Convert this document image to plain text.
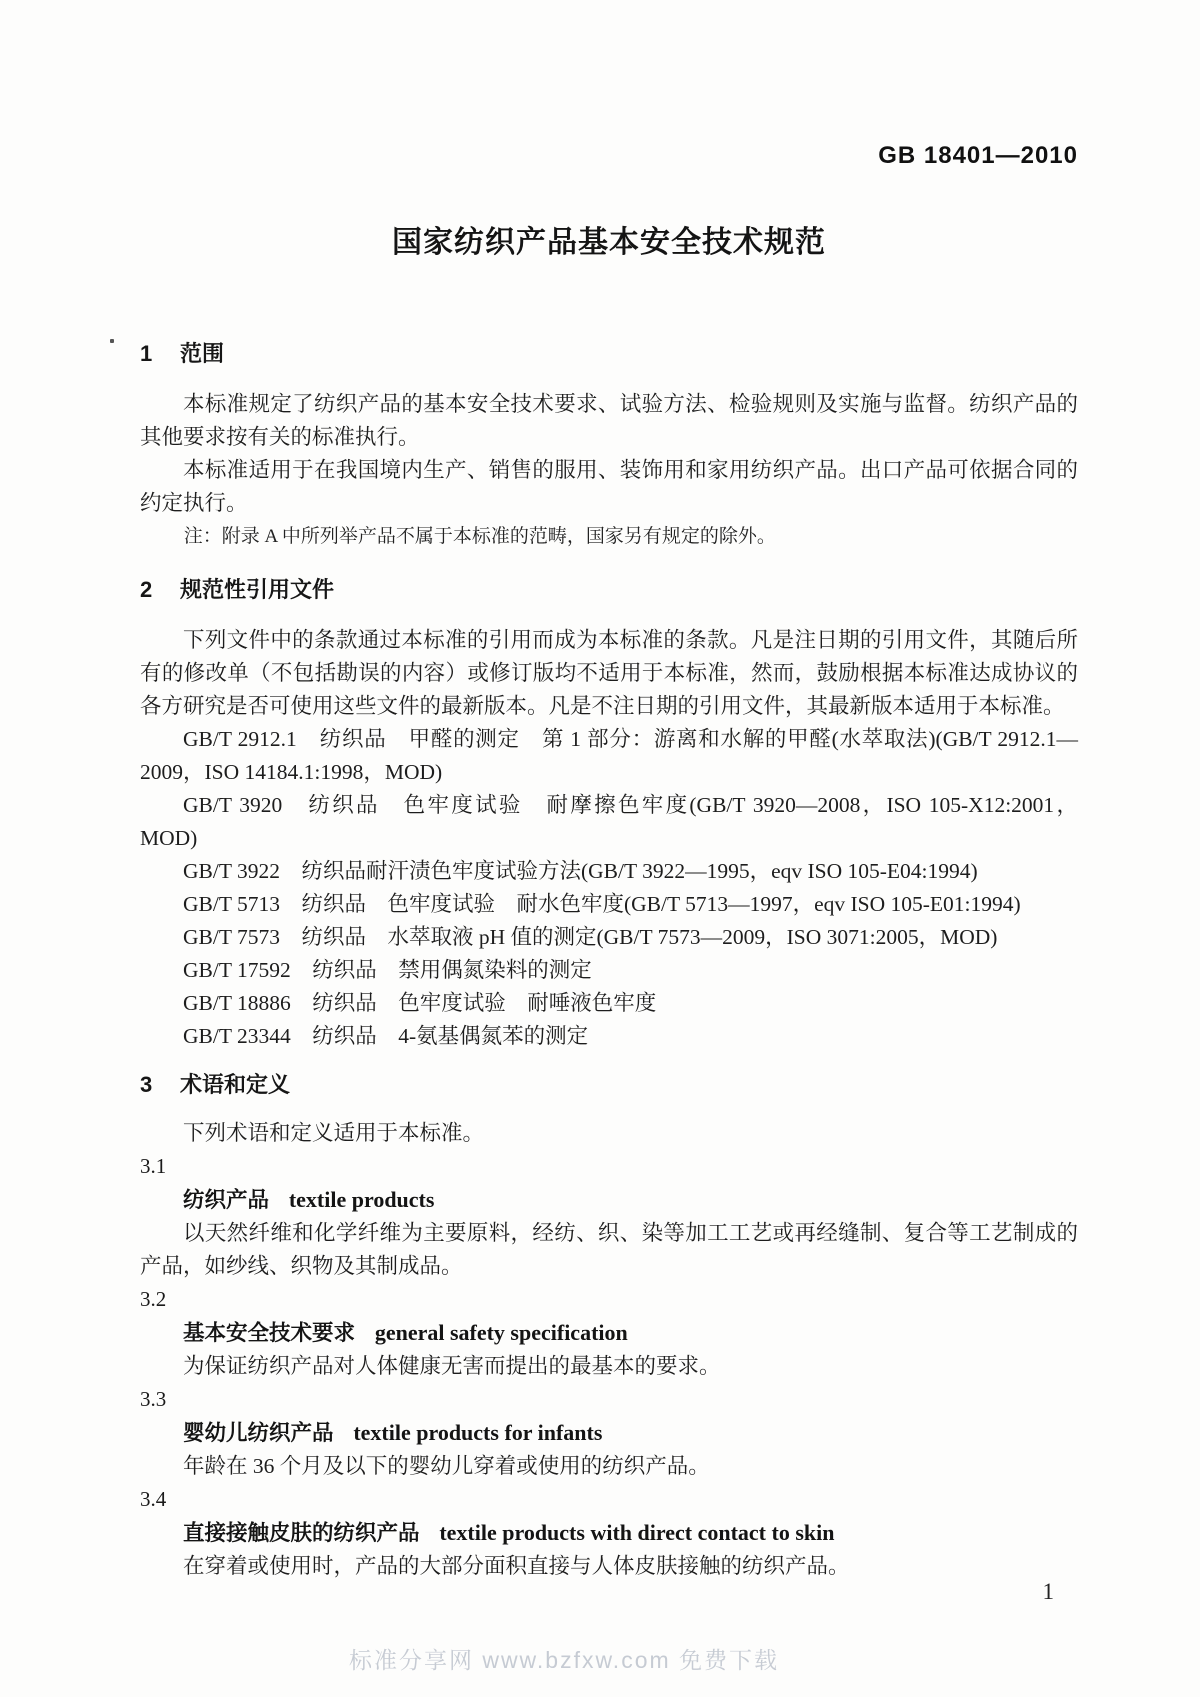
GB 18401—2010
国家纺织产品基本安全技术规范
1 范围

本标准规定了纺织产品的基本安全技术要求、试验方法、检验规则及实施与监督。纺织产品的其他要求按有关的标准执行。

本标准适用于在我国境内生产、销售的服用、装饰用和家用纺织产品。出口产品可依据合同的约定执行。

注：附录 A 中所列举产品不属于本标准的范畴，国家另有规定的除外。

2 规范性引用文件

下列文件中的条款通过本标准的引用而成为本标准的条款。凡是注日期的引用文件，其随后所有的修改单（不包括勘误的内容）或修订版均不适用于本标准，然而，鼓励根据本标准达成协议的各方研究是否可使用这些文件的最新版本。凡是不注日期的引用文件，其最新版本适用于本标准。

GB/T 2912.1　纺织品　甲醛的测定　第 1 部分：游离和水解的甲醛(水萃取法)(GB/T 2912.1—2009，ISO 14184.1:1998，MOD)

GB/T 3920　纺织品　色牢度试验　耐摩擦色牢度(GB/T 3920—2008，ISO 105-X12:2001，MOD)

GB/T 3922　纺织品耐汗渍色牢度试验方法(GB/T 3922—1995，eqv ISO 105-E04:1994)

GB/T 5713　纺织品　色牢度试验　耐水色牢度(GB/T 5713—1997，eqv ISO 105-E01:1994)

GB/T 7573　纺织品　水萃取液 pH 值的测定(GB/T 7573—2009，ISO 3071:2005，MOD)

GB/T 17592　纺织品　禁用偶氮染料的测定

GB/T 18886　纺织品　色牢度试验　耐唾液色牢度

GB/T 23344　纺织品　4-氨基偶氮苯的测定

3 术语和定义

下列术语和定义适用于本标准。

3.1
纺织产品 textile products

以天然纤维和化学纤维为主要原料，经纺、织、染等加工工艺或再经缝制、复合等工艺制成的产品，如纱线、织物及其制成品。

3.2
基本安全技术要求 general safety specification

为保证纺织产品对人体健康无害而提出的最基本的要求。

3.3
婴幼儿纺织产品 textile products for infants

年龄在 36 个月及以下的婴幼儿穿着或使用的纺织产品。

3.4
直接接触皮肤的纺织产品 textile products with direct contact to skin

在穿着或使用时，产品的大部分面积直接与人体皮肤接触的纺织产品。

1
标准分享网 www.bzfxw.com 免费下载
